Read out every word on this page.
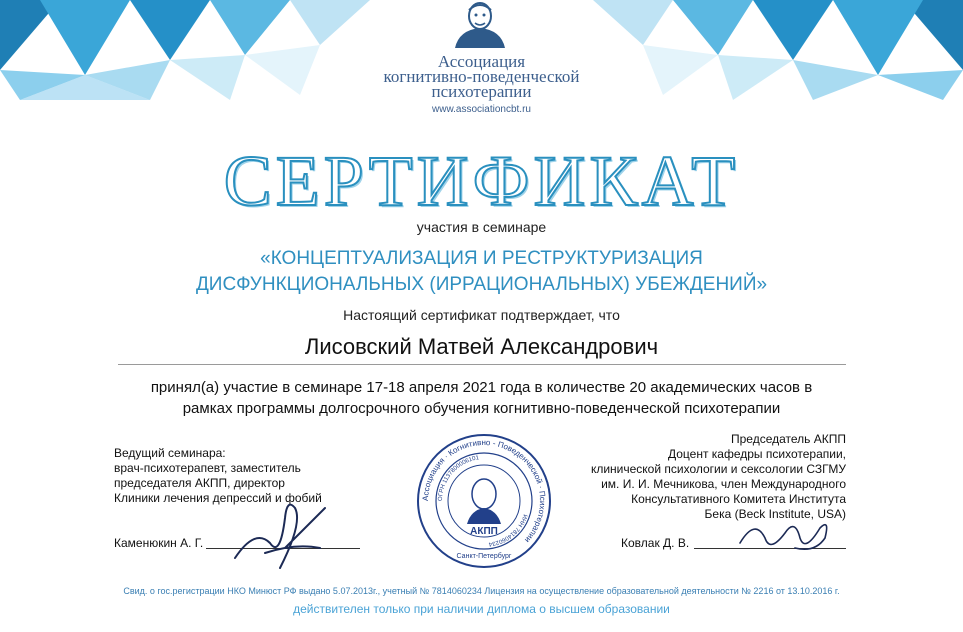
Ассоциация
когнитивно-поведенческой
психотерапии
www.associationcbt.ru
СЕРТИФИКАТ
участия в семинаре
«КОНЦЕПТУАЛИЗАЦИЯ И РЕСТРУКТУРИЗАЦИЯ
ДИСФУНКЦИОНАЛЬНЫХ (ИРРАЦИОНАЛЬНЫХ) УБЕЖДЕНИЙ»
Настоящий сертификат подтверждает, что
Лисовский Матвей Александрович
принял(а) участие в семинаре 17-18 апреля 2021 года в количестве 20 академических часов в
рамках программы долгосрочного обучения когнитивно-поведенческой психотерапии
Ведущий семинара:
врач-психотерапевт, заместитель
председателя АКПП, директор
Клиники лечения депрессий и фобий
Председатель АКПП
Доцент кафедры психотерапии,
клинической психологии и сексологии СЗГМУ
им. И. И. Мечникова, член Международного
Консультативного Комитета Института
Бека (Beck Institute, USA)
Каменюкин А. Г.	Ковлак Д. В.
Ассоциация · Когнитивно - Поведенческой · Психотерапии
ОГРН 1137800006101
ИНН 7814060234
АКПП
Санкт-Петербург
Свид. о гос.регистрации НКО Минюст РФ выдано 5.07.2013г., учетный № 7814060234 Лицензия на осуществление образовательной деятельности № 2216 от 13.10.2016 г.
действителен только при наличии диплома о высшем образовании
